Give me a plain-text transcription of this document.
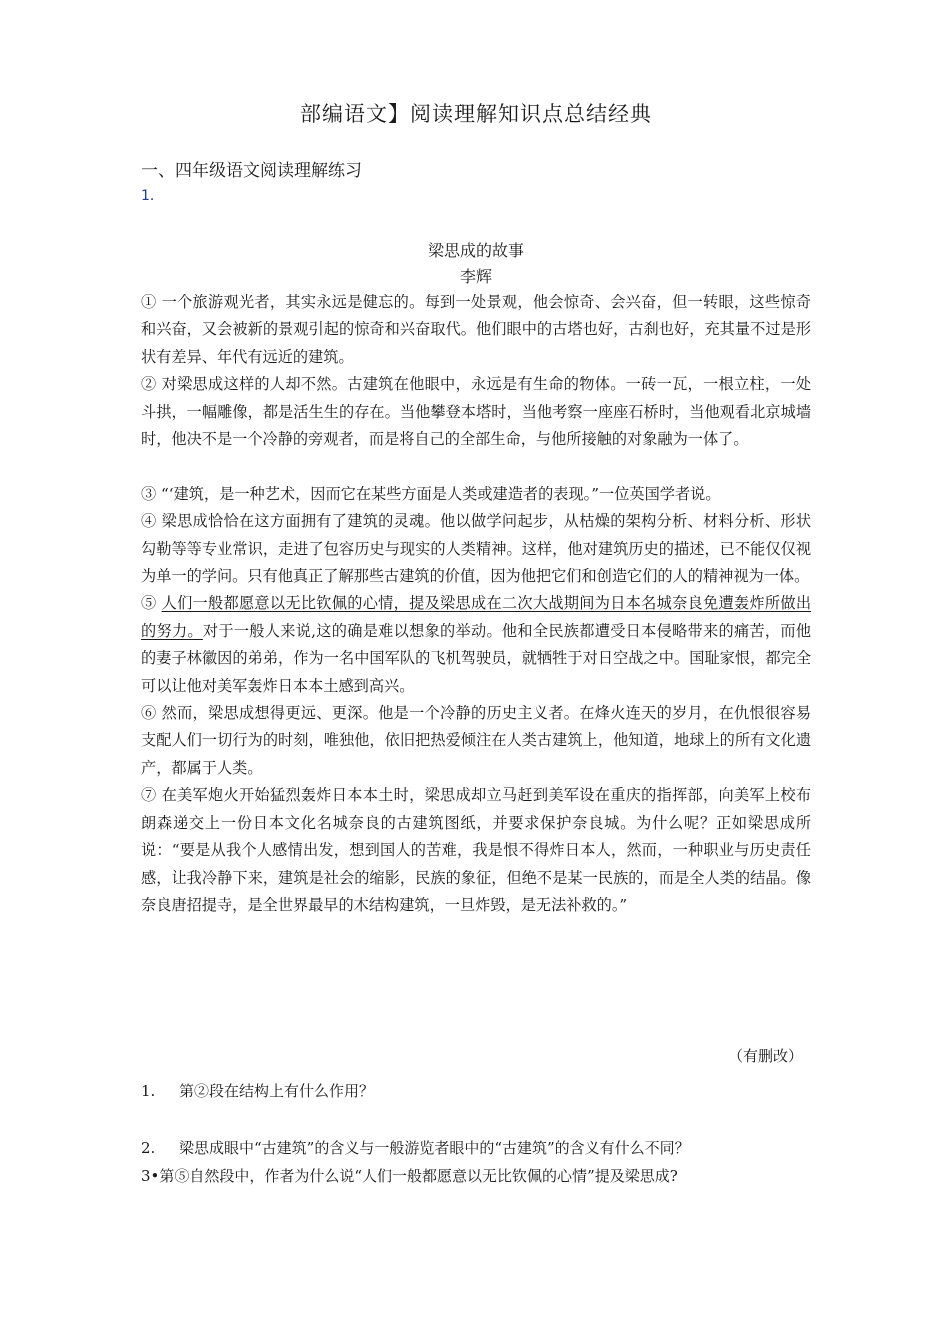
部编语文】阅读理解知识点总结经典
一、四年级语文阅读理解练习
1．
梁思成的故事
李辉

① 一个旅游观光者，其实永远是健忘的。每到一处景观，他会惊奇、会兴奋，但一转眼，这些惊奇和兴奋，又会被新的景观引起的惊奇和兴奋取代。他们眼中的古塔也好，古刹也好，充其量不过是形状有差异、年代有远近的建筑。

② 对梁思成这样的人却不然。古建筑在他眼中，永远是有生命的物体。一砖一瓦，一根立柱，一处斗拱，一幅雕像，都是活生生的存在。当他攀登本塔时，当他考察一座座石桥时，当他观看北京城墙时，他决不是一个冷静的旁观者，而是将自己的全部生命，与他所接触的对象融为一体了。

③ “‘建筑，是一种艺术，因而它在某些方面是人类或建造者的表现。”一位英国学者说。

④ 梁思成恰恰在这方面拥有了建筑的灵魂。他以做学问起步，从枯燥的架构分析、材料分析、形状勾勒等等专业常识，走进了包容历史与现实的人类精神。这样，他对建筑历史的描述，已不能仅仅视为单一的学问。只有他真正了解那些古建筑的价值，因为他把它们和创造它们的人的精神视为一体。

⑤ 人们一般都愿意以无比钦佩的心情，提及梁思成在二次大战期间为日本名城奈良免遭轰炸所做出的努力。对于一般人来说,这的确是难以想象的举动。他和全民族都遭受日本侵略带来的痛苦，而他的妻子林徽因的弟弟，作为一名中国军队的飞机驾驶员，就牺牲于对日空战之中。国耻家恨，都完全可以让他对美军轰炸日本本土感到高兴。

⑥ 然而，梁思成想得更远、更深。他是一个冷静的历史主义者。在烽火连天的岁月，在仇恨很容易支配人们一切行为的时刻，唯独他，依旧把热爱倾注在人类古建筑上，他知道，地球上的所有文化遗产，都属于人类。

⑦ 在美军炮火开始猛烈轰炸日本本土时，梁思成却立马赶到美军设在重庆的指挥部，向美军上校布朗森递交上一份日本文化名城奈良的古建筑图纸，并要求保护奈良城。为什么呢？正如梁思成所说：“要是从我个人感情出发，想到国人的苦难，我是恨不得炸日本人，然而，一种职业与历史责任感，让我冷静下来，建筑是社会的缩影，民族的象征，但绝不是某一民族的，而是全人类的结晶。像奈良唐招提寺，是全世界最早的木结构建筑，一旦炸毁，是无法补救的。”

（有删改）
1. 第②段在结构上有什么作用？
2. 梁思成眼中“古建筑”的含义与一般游览者眼中的“古建筑”的含义有什么不同？
3•第⑤自然段中，作者为什么说“人们一般都愿意以无比钦佩的心情”提及梁思成?
